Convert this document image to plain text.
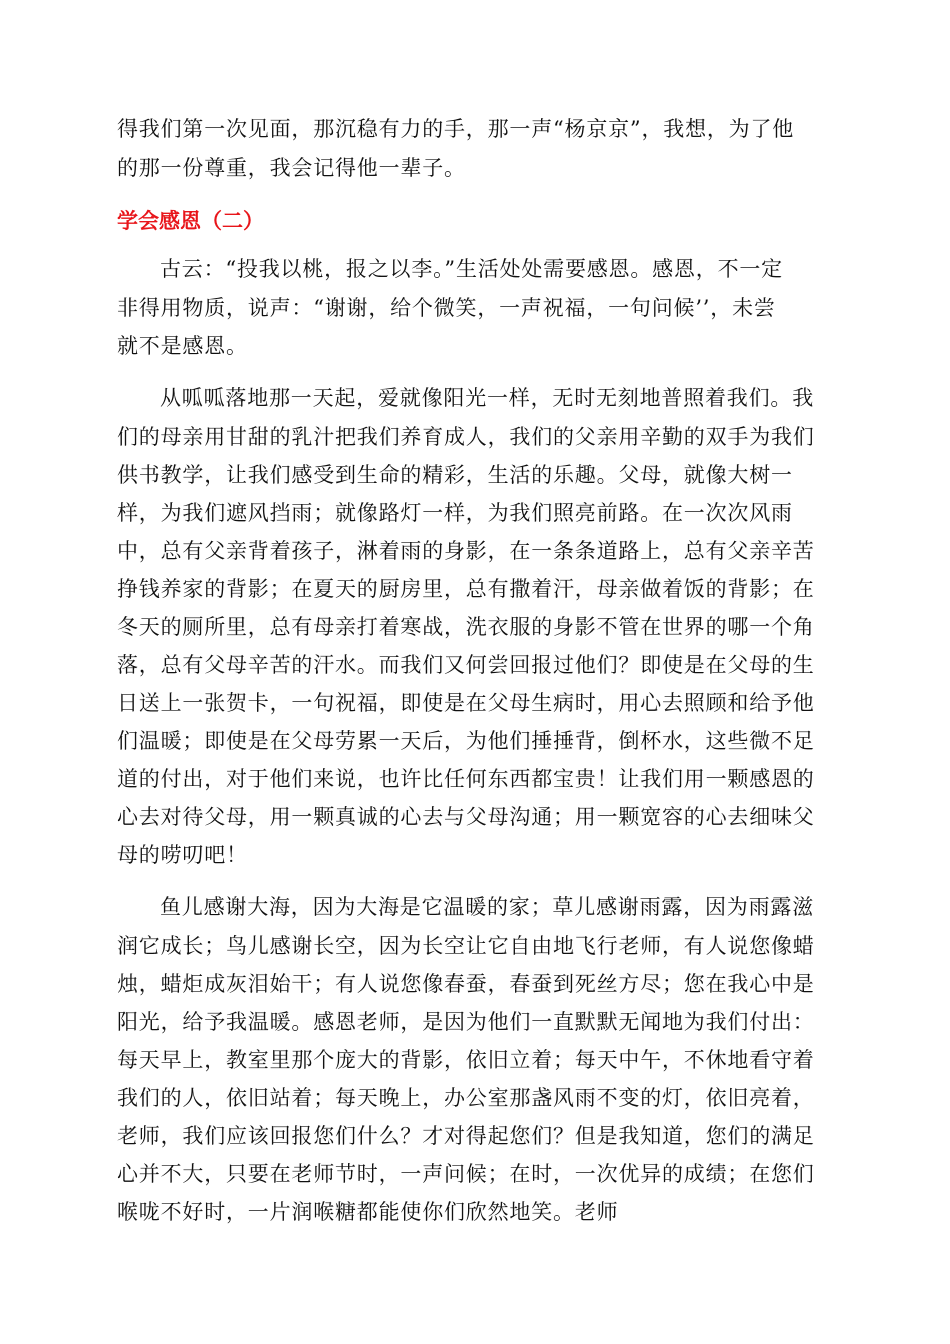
得我们第一次见面，那沉稳有力的手，那一声“杨京京”，我想，为了他
的那一份尊重，我会记得他一辈子。
学会感恩（二）
古云：“投我以桃，报之以李。”生活处处需要感恩。感恩，不一定
非得用物质，说声：“谢谢，给个微笑，一声祝福，一句问候’’，未尝
就不是感恩。
从呱呱落地那一天起，爱就像阳光一样，无时无刻地普照着我们。我
们的母亲用甘甜的乳汁把我们养育成人，我们的父亲用辛勤的双手为我们
供书教学，让我们感受到生命的精彩，生活的乐趣。父母，就像大树一
样，为我们遮风挡雨；就像路灯一样，为我们照亮前路。在一次次风雨
中，总有父亲背着孩子，淋着雨的身影，在一条条道路上，总有父亲辛苦
挣钱养家的背影；在夏天的厨房里，总有撒着汗，母亲做着饭的背影；在
冬天的厕所里，总有母亲打着寒战，洗衣服的身影不管在世界的哪一个角
落，总有父母辛苦的汗水。而我们又何尝回报过他们？即使是在父母的生
日送上一张贺卡，一句祝福，即使是在父母生病时，用心去照顾和给予他
们温暖；即使是在父母劳累一天后，为他们捶捶背，倒杯水，这些微不足
道的付出，对于他们来说，也许比任何东西都宝贵！让我们用一颗感恩的
心去对待父母，用一颗真诚的心去与父母沟通；用一颗宽容的心去细味父
母的唠叨吧！
鱼儿感谢大海，因为大海是它温暖的家；草儿感谢雨露，因为雨露滋
润它成长；鸟儿感谢长空，因为长空让它自由地飞行老师，有人说您像蜡
烛，蜡炬成灰泪始干；有人说您像春蚕，春蚕到死丝方尽；您在我心中是
阳光，给予我温暖。感恩老师，是因为他们一直默默无闻地为我们付出：
每天早上，教室里那个庞大的背影，依旧立着；每天中午，不休地看守着
我们的人，依旧站着；每天晚上，办公室那盏风雨不变的灯，依旧亮着，
老师，我们应该回报您们什么？才对得起您们？但是我知道，您们的满足
心并不大，只要在老师节时，一声问候；在时，一次优异的成绩；在您们
喉咙不好时，一片润喉糖都能使你们欣然地笑。老师
